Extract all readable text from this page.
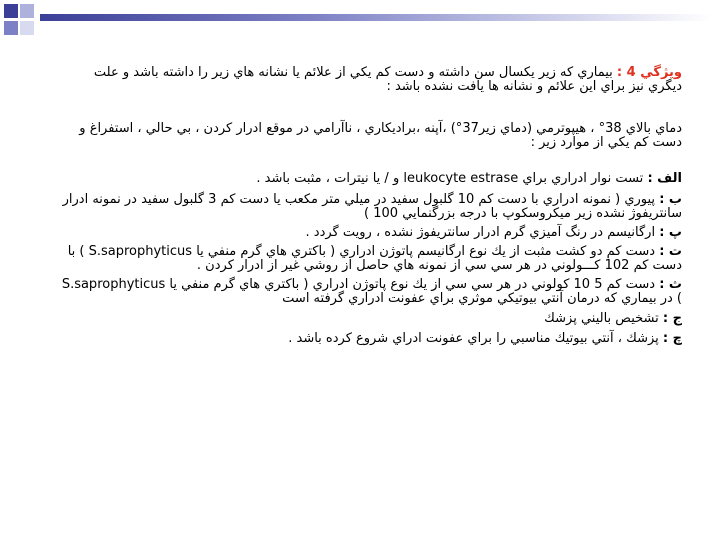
ويژگي 4 : بيماري كه زير يكسال سن داشته و دست كم يكي از علائم يا نشانه هاي زير را داشته باشد و علت ديگري نيز براي اين علائم و نشانه ها يافت نشده باشد :

دماي بالاي 38° ، هيپوترمي (دماي زير37°) ،آپنه ،برادیکاري ، ناآرامي در موقع ادرار كردن ، بي حالي ، استفراغ و دست كم يكي از موارد زير :

الف : تست نوار ادراري براي leukocyte estrase و / يا نيترات ، مثبت باشد .

ب : پيوري ( نمونه ادراري با دست كم 10 گلبول سفيد در ميلي متر مكعب يا دست كم 3 گلبول سفيد در نمونه ادرار سانتريفوژ نشده زير ميكروسكوپ با درجه بزرگنمايي 100 )

پ : ارگانيسم در رنگ آميزي گرم ادرار سانتريفوژ نشده ، رويت گردد .

ت : دست كم دو كشت مثبت از يك نوع ارگانيسم پاتوژن ادراري ( باكتري هاي گرم منفي يا S.saprophyticus ) با دست كم 102 كـــولوني در هر سي سي از نمونه هاي حاصل از روشي غير از ادرار كردن .

ث : دست كم 5 10 كولوني در هر سي سي از يك نوع پاتوژن ادراري ( باكتري هاي گرم منفي يا S.saprophyticus ) در بيماري كه درمان آنتي بيوتيكي موثري براي عفونت ادراري گرفته است

ج : تشخيص باليني پزشك

چ : پزشك ، آنتي بيوتيك مناسبي را براي عفونت ادراي شروع كرده باشد .
